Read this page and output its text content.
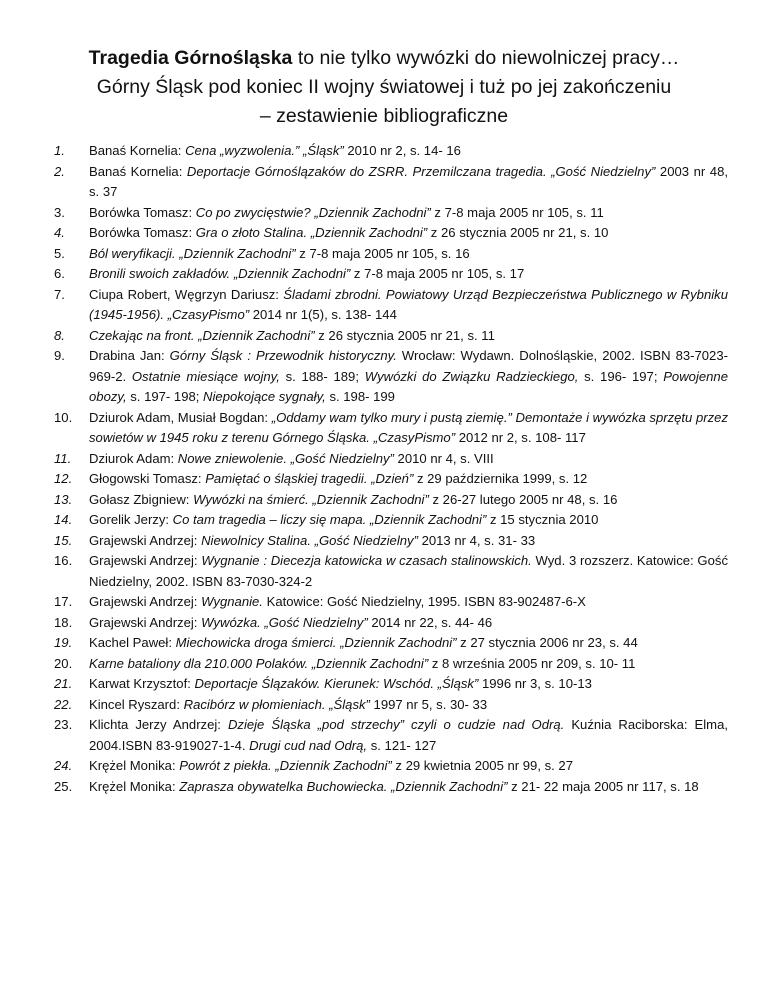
Tragedia Górnośląska to nie tylko wywózki do niewolniczej pracy…
Górny Śląsk pod koniec II wojny światowej i tuż po jej zakończeniu
– zestawienie bibliograficzne
1.	Banaś Kornelia: Cena „wyzwolenia.” „Śląsk” 2010 nr 2, s. 14- 16
2.	Banaś Kornelia: Deportacje Górnoślązaków do ZSRR. Przemilczana tragedia. „Gość Niedzielny” 2003 nr 48, s. 37
3.	Borówka Tomasz: Co po zwycięstwie? „Dziennik Zachodni” z 7-8 maja 2005 nr 105, s. 11
4.	Borówka Tomasz: Gra o złoto Stalina. „Dziennik Zachodni” z 26 stycznia 2005 nr 21, s. 10
5.	Ból weryfikacji. „Dziennik Zachodni” z 7-8 maja 2005 nr 105, s. 16
6.	Bronili swoich zakładów. „Dziennik Zachodni” z 7-8 maja 2005 nr 105, s. 17
7.	Ciupa Robert, Węgrzyn Dariusz: Śladami zbrodni. Powiatowy Urząd Bezpieczeństwa Publicznego w Rybniku (1945-1956). „CzasyPismo” 2014 nr 1(5), s. 138- 144
8.	Czekając na front. „Dziennik Zachodni” z 26 stycznia 2005 nr 21, s. 11
9.	Drabina Jan: Górny Śląsk : Przewodnik historyczny. Wrocław: Wydawn. Dolnośląskie, 2002. ISBN 83-7023-969-2. Ostatnie miesiące wojny, s. 188- 189; Wywózki do Związku Radzieckiego, s. 196- 197; Powojenne obozy, s. 197- 198; Niepokojące sygnały, s. 198- 199
10.	Dziurok Adam, Musiał Bogdan: „Oddamy wam tylko mury i pustą ziemię.” Demontaże i wywózka sprzętu przez sowietów w 1945 roku z terenu Górnego Śląska. „CzasyPismo” 2012 nr 2, s. 108- 117
11.	Dziurok Adam: Nowe zniewolenie. „Gość Niedzielny” 2010 nr 4, s. VIII
12.	Głogowski Tomasz: Pamiętać o śląskiej tragedii. „Dzień” z 29 października 1999, s. 12
13.	Gołasz Zbigniew: Wywózki na śmierć. „Dziennik Zachodni” z 26-27 lutego 2005 nr 48, s. 16
14.	Gorelik Jerzy: Co tam tragedia – liczy się mapa. „Dziennik Zachodni” z 15 stycznia 2010
15.	Grajewski Andrzej: Niewolnicy Stalina. „Gość Niedzielny” 2013 nr 4, s. 31- 33
16.	Grajewski Andrzej: Wygnanie : Diecezja katowicka w czasach stalinowskich. Wyd. 3 rozszerz. Katowice: Gość Niedzielny, 2002. ISBN 83-7030-324-2
17.	Grajewski Andrzej: Wygnanie. Katowice: Gość Niedzielny, 1995. ISBN 83-902487-6-X
18.	Grajewski Andrzej: Wywózka. „Gość Niedzielny” 2014 nr 22, s. 44- 46
19.	Kachel Paweł: Miechowicka droga śmierci. „Dziennik Zachodni” z 27 stycznia 2006 nr 23, s. 44
20.	Karne bataliony dla 210.000 Polaków. „Dziennik Zachodni” z 8 września 2005 nr 209, s. 10- 11
21.	Karwat Krzysztof: Deportacje Ślązaków. Kierunek: Wschód. „Śląsk” 1996 nr 3, s. 10-13
22.	Kincel Ryszard: Racibórz w płomieniach. „Śląsk” 1997 nr 5, s. 30- 33
23.	Klichta Jerzy Andrzej: Dzieje Śląska „pod strzechy” czyli o cudzie nad Odrą. Kuźnia Raciborska: Elma, 2004.ISBN 83-919027-1-4. Drugi cud nad Odrą, s. 121- 127
24.	Krężel Monika: Powrót z piekła. „Dziennik Zachodni” z 29 kwietnia 2005 nr 99, s. 27
25.	Krężel Monika: Zaprasza obywatelka Buchowiecka. „Dziennik Zachodni” z 21- 22 maja 2005 nr 117, s. 18
